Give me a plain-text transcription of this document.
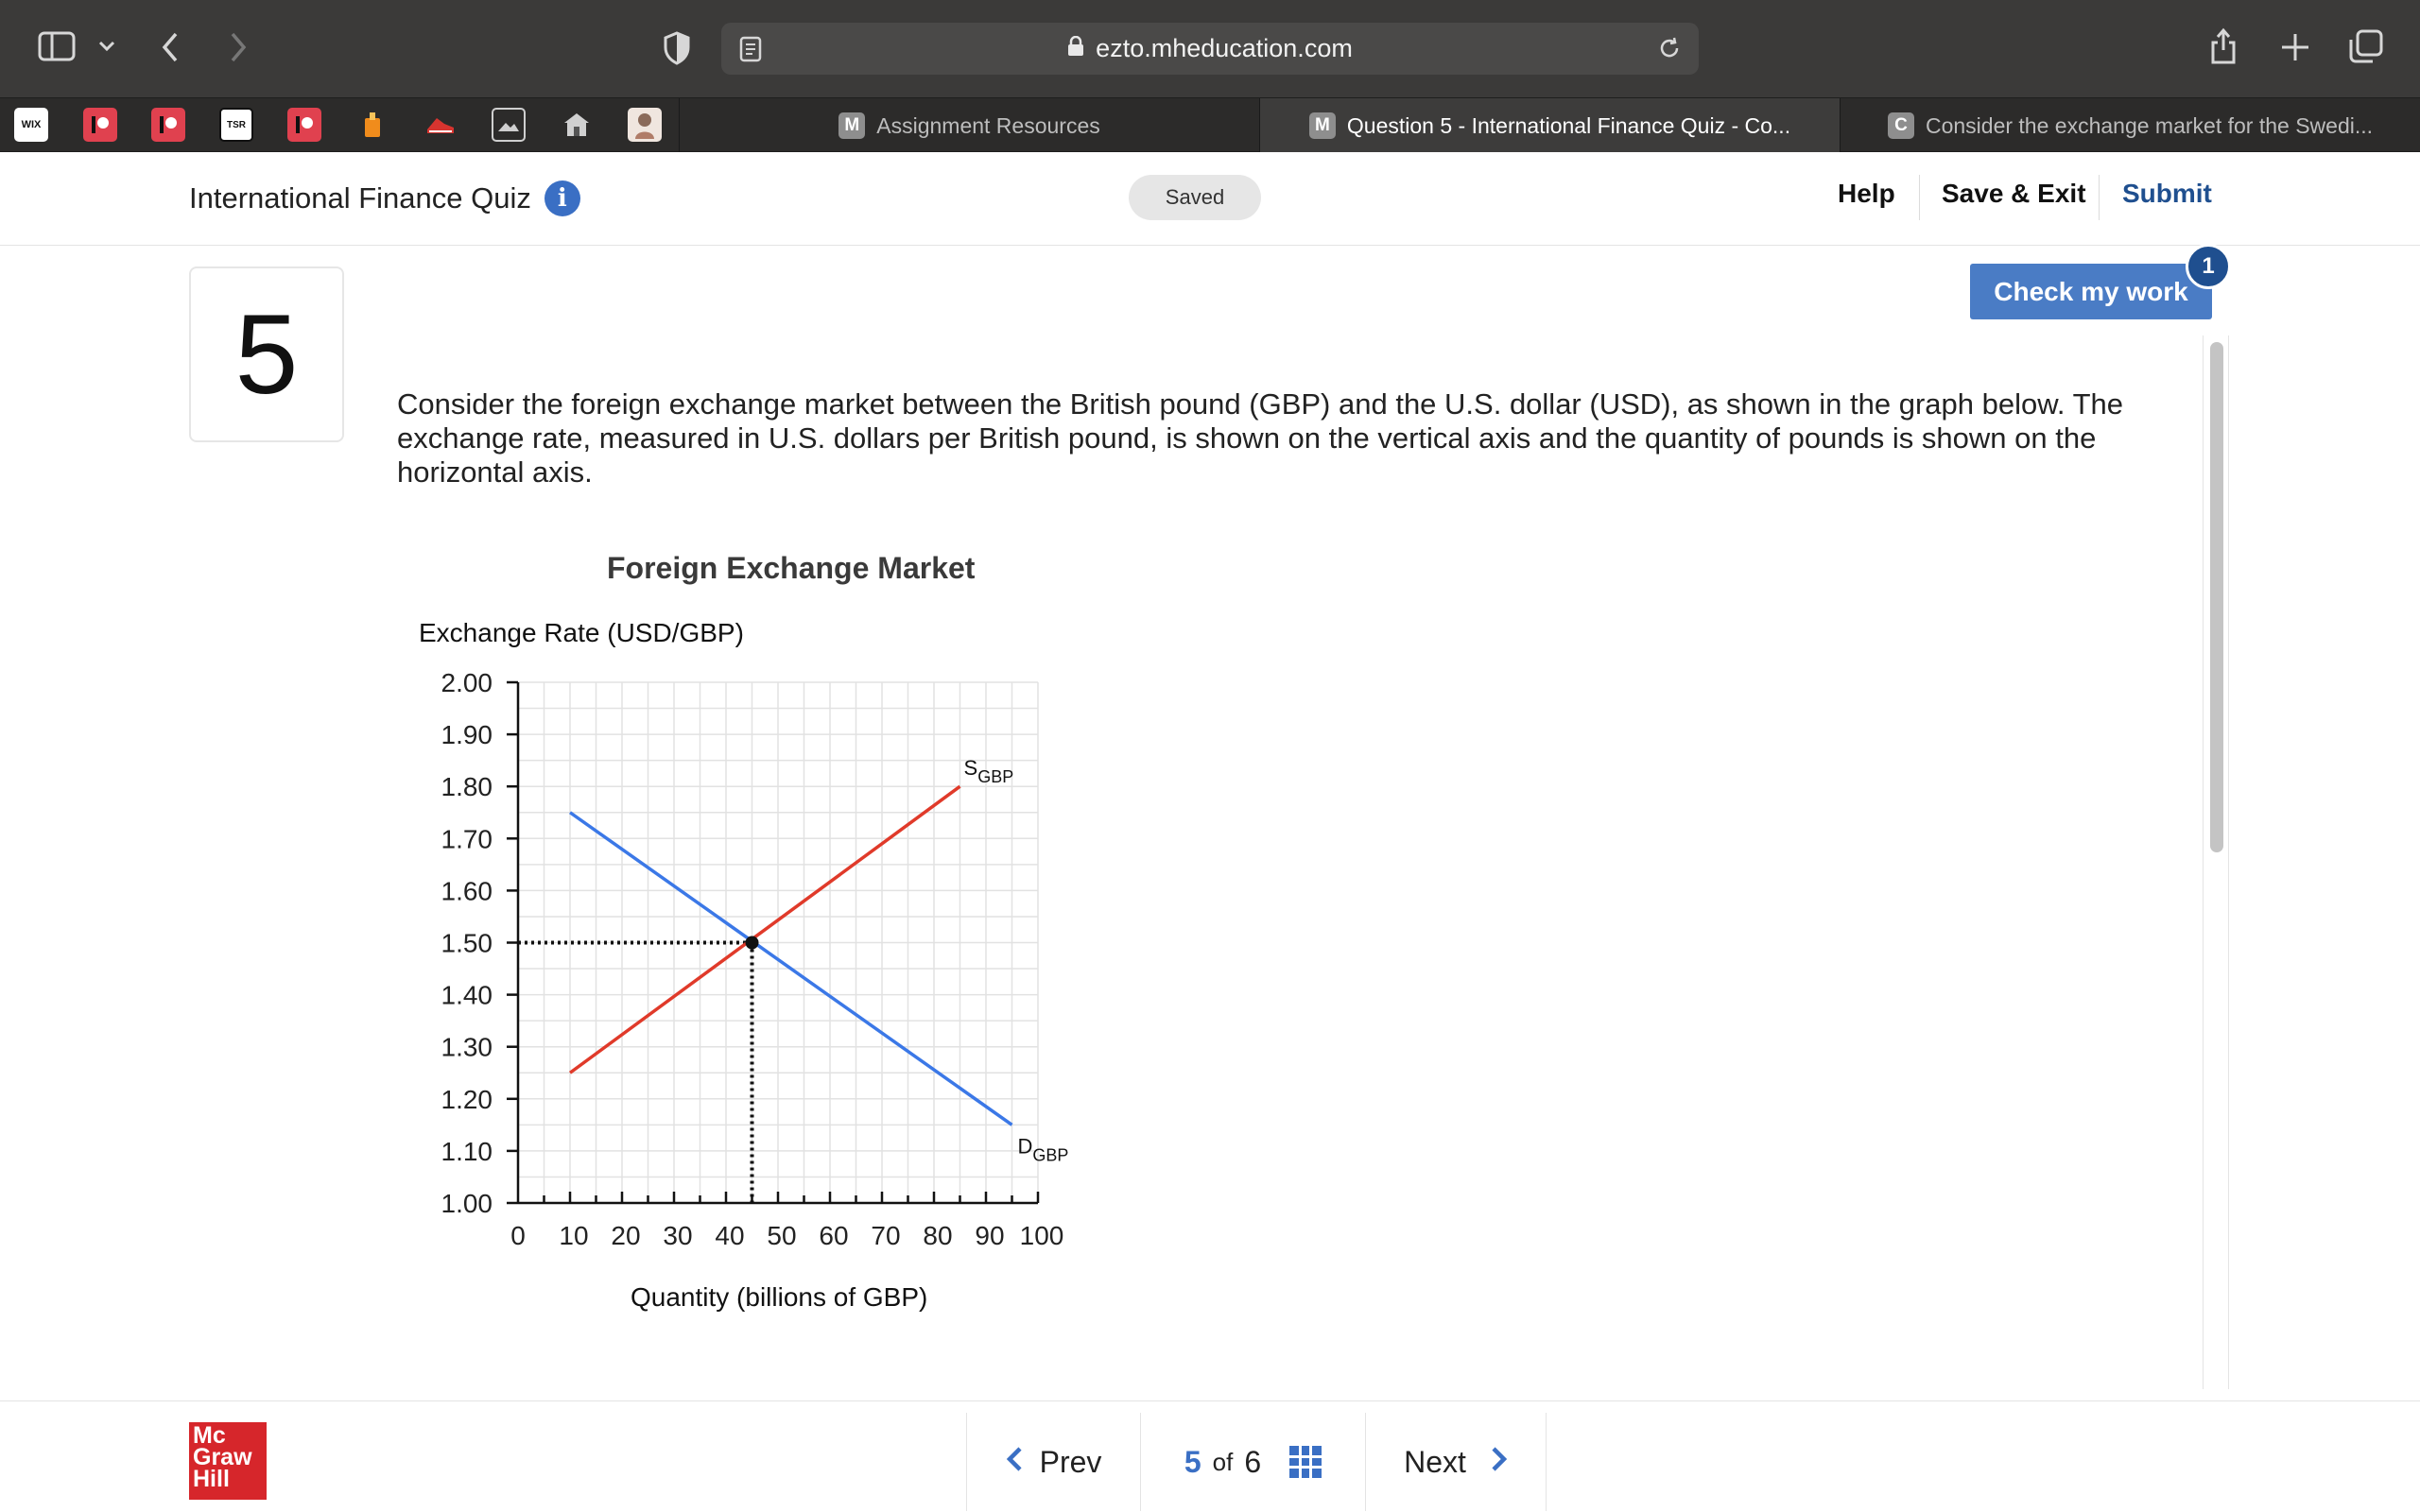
ezto.mheducation.com
WIX	TSR	M Assignment Resources	M Question 5 - International Finance Quiz - Co...	C Consider the exchange market for the Swedi...
International Finance Quiz	i	Saved	Help Save & Exit Submit
5	Check my work
1
Consider the foreign exchange market between the British pound (GBP) and the U.S. dollar (USD), as shown in the graph below. The exchange rate, measured in U.S. dollars per British pound, is shown on the vertical axis and the quantity of pounds is shown on the horizontal axis.
Foreign Exchange Market
Exchange Rate (USD/GBP)
Quantity (billions of GBP)
1.00
1.10
1.20
1.30
1.40
1.50
1.60
1.70
1.80
1.90
2.00
0 10 20 30 40 50 60 70 80 90 100
$S_{GBP}$
$D_{GBP}$
Mc
Graw
Hill
Prev	5 of 6	Next
